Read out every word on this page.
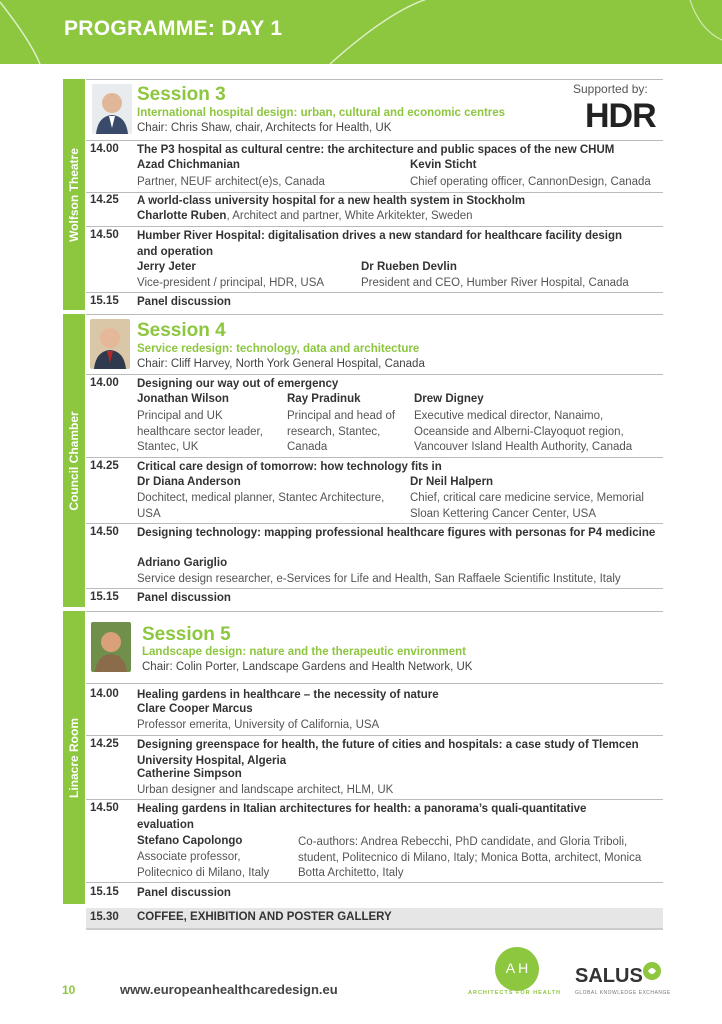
PROGRAMME: DAY 1
Wolfson Theatre
Session 3
International hospital design: urban, cultural and economic centres
Chair: Chris Shaw, chair, Architects for Health, UK
Supported by:
HDR
14.00 The P3 hospital as cultural centre: the architecture and public spaces of the new CHUM
Azad Chichmanian
Partner, NEUF architect(e)s, Canada
Kevin Sticht
Chief operating officer, CannonDesign, Canada
14.25 A world-class university hospital for a new health system in Stockholm
Charlotte Ruben, Architect and partner, White Arkitekter, Sweden
14.50 Humber River Hospital: digitalisation drives a new standard for healthcare facility design and operation
Jerry Jeter
Vice-president / principal, HDR, USA
Dr Rueben Devlin
President and CEO, Humber River Hospital, Canada
15.15 Panel discussion
Council Chamber
Session 4
Service redesign: technology, data and architecture
Chair: Cliff Harvey, North York General Hospital, Canada
14.00 Designing our way out of emergency
Jonathan Wilson
Principal and UK healthcare sector leader, Stantec, UK
Ray Pradinuk
Principal and head of research, Stantec, Canada
Drew Digney
Executive medical director, Nanaimo, Oceanside and Alberni-Clayoquot region, Vancouver Island Health Authority, Canada
14.25 Critical care design of tomorrow: how technology fits in
Dr Diana Anderson
Dochitect, medical planner, Stantec Architecture, USA
Dr Neil Halpern
Chief, critical care medicine service, Memorial Sloan Kettering Cancer Center, USA
14.50 Designing technology: mapping professional healthcare figures with personas for P4 medicine
Adriano Gariglio
Service design researcher, e-Services for Life and Health, San Raffaele Scientific Institute, Italy
15.15 Panel discussion
Linacre Room
Session 5
Landscape design: nature and the therapeutic environment
Chair: Colin Porter, Landscape Gardens and Health Network, UK
14.00 Healing gardens in healthcare – the necessity of nature
Clare Cooper Marcus
Professor emerita, University of California, USA
14.25 Designing greenspace for health, the future of cities and hospitals: a case study of Tlemcen University Hospital, Algeria
Catherine Simpson
Urban designer and landscape architect, HLM, UK
14.50 Healing gardens in Italian architectures for health: a panorama’s quali-quantitative evaluation
Stefano Capolongo
Associate professor, Politecnico di Milano, Italy
Co-authors: Andrea Rebecchi, PhD candidate, and Gloria Triboli, student, Politecnico di Milano, Italy; Monica Botta, architect, Monica Botta Architetto, Italy
15.15 Panel discussion
15.30 COFFEE, EXHIBITION AND POSTER GALLERY
10	www.europeanhealthcaredesign.eu
A H
ARCHITECTS FOR HEALTH
SALUS
GLOBAL KNOWLEDGE EXCHANGE
